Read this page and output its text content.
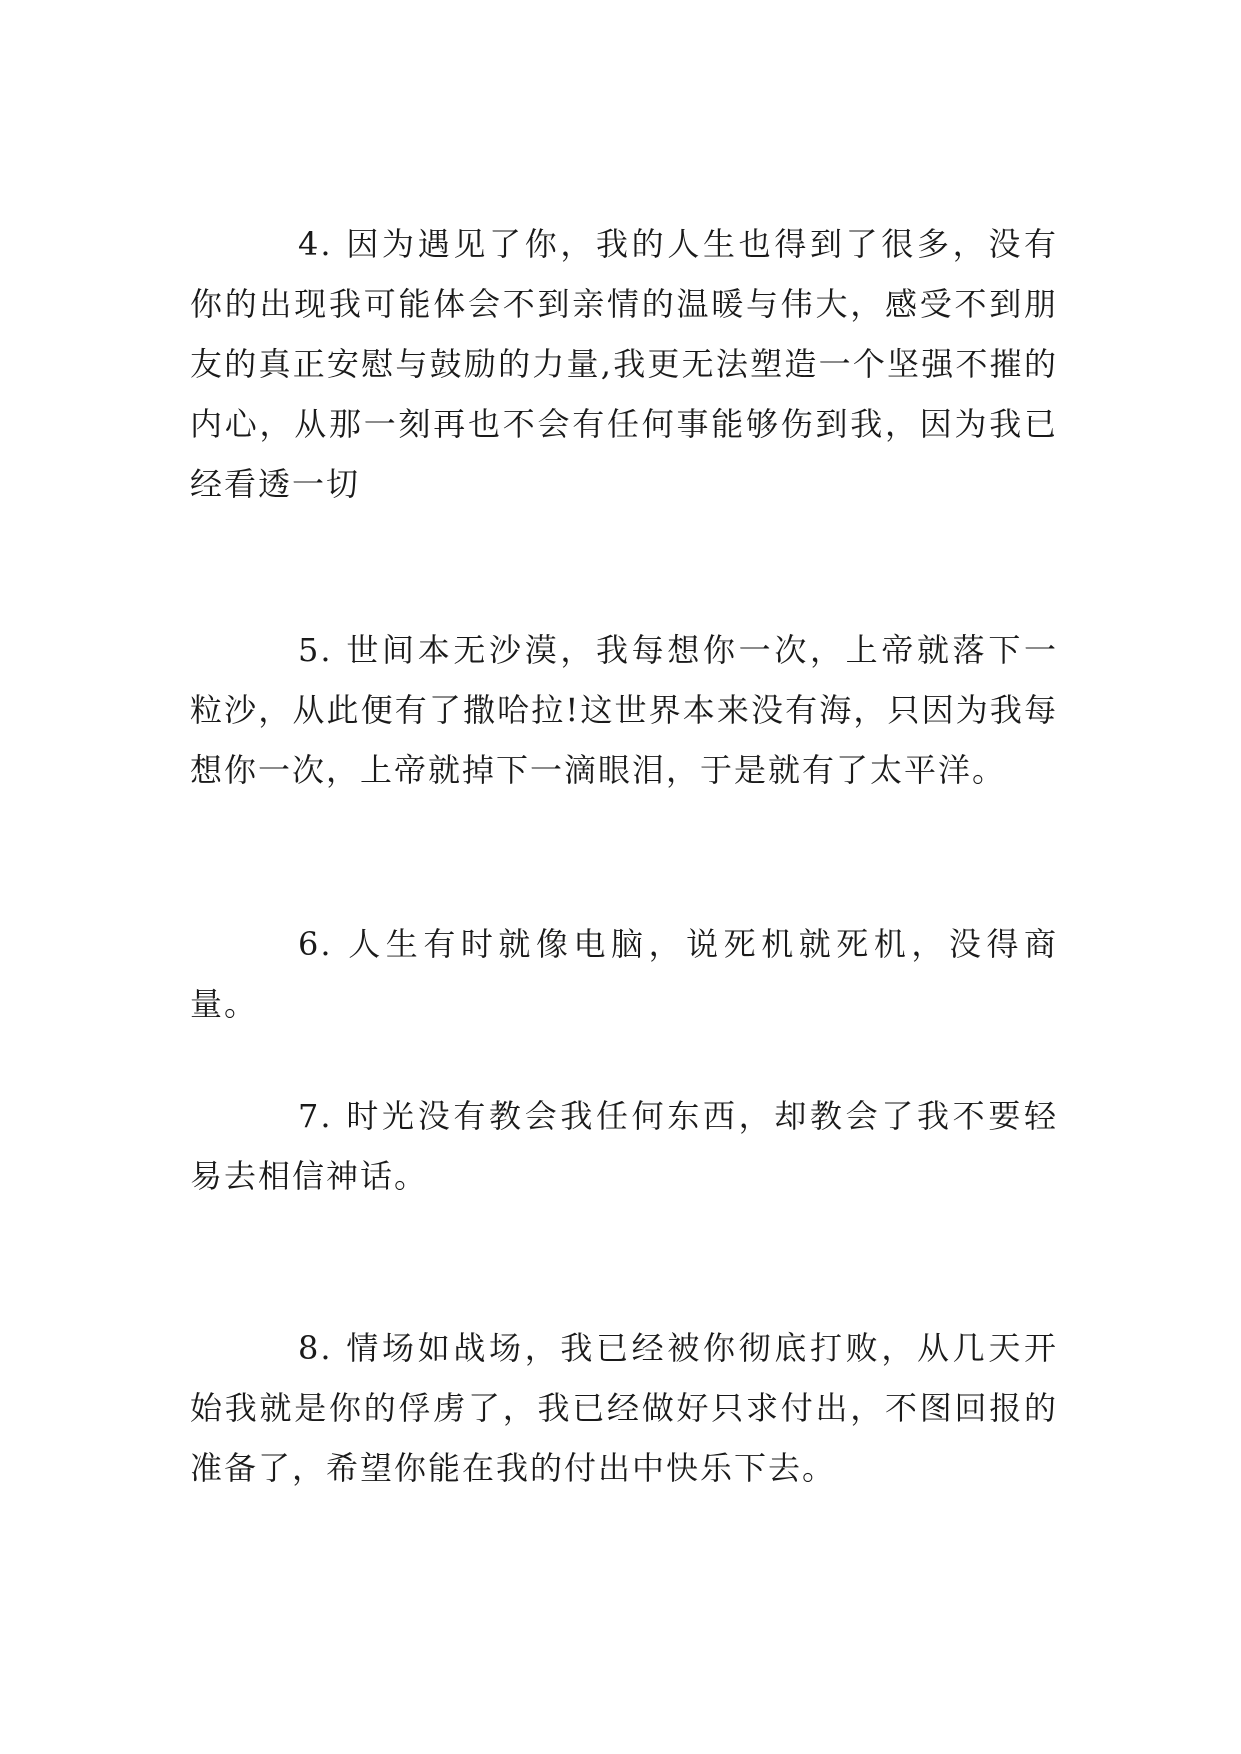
4. 因为遇见了你，我的人生也得到了很多，没有你的出现我可能体会不到亲情的温暖与伟大，感受不到朋友的真正安慰与鼓励的力量,我更无法塑造一个坚强不摧的内心，从那一刻再也不会有任何事能够伤到我，因为我已经看透一切

5. 世间本无沙漠，我每想你一次，上帝就落下一粒沙，从此便有了撒哈拉!这世界本来没有海，只因为我每想你一次，上帝就掉下一滴眼泪，于是就有了太平洋。

6. 人生有时就像电脑，说死机就死机，没得商量。

7. 时光没有教会我任何东西，却教会了我不要轻易去相信神话。

8. 情场如战场，我已经被你彻底打败，从几天开始我就是你的俘虏了，我已经做好只求付出，不图回报的准备了，希望你能在我的付出中快乐下去。
